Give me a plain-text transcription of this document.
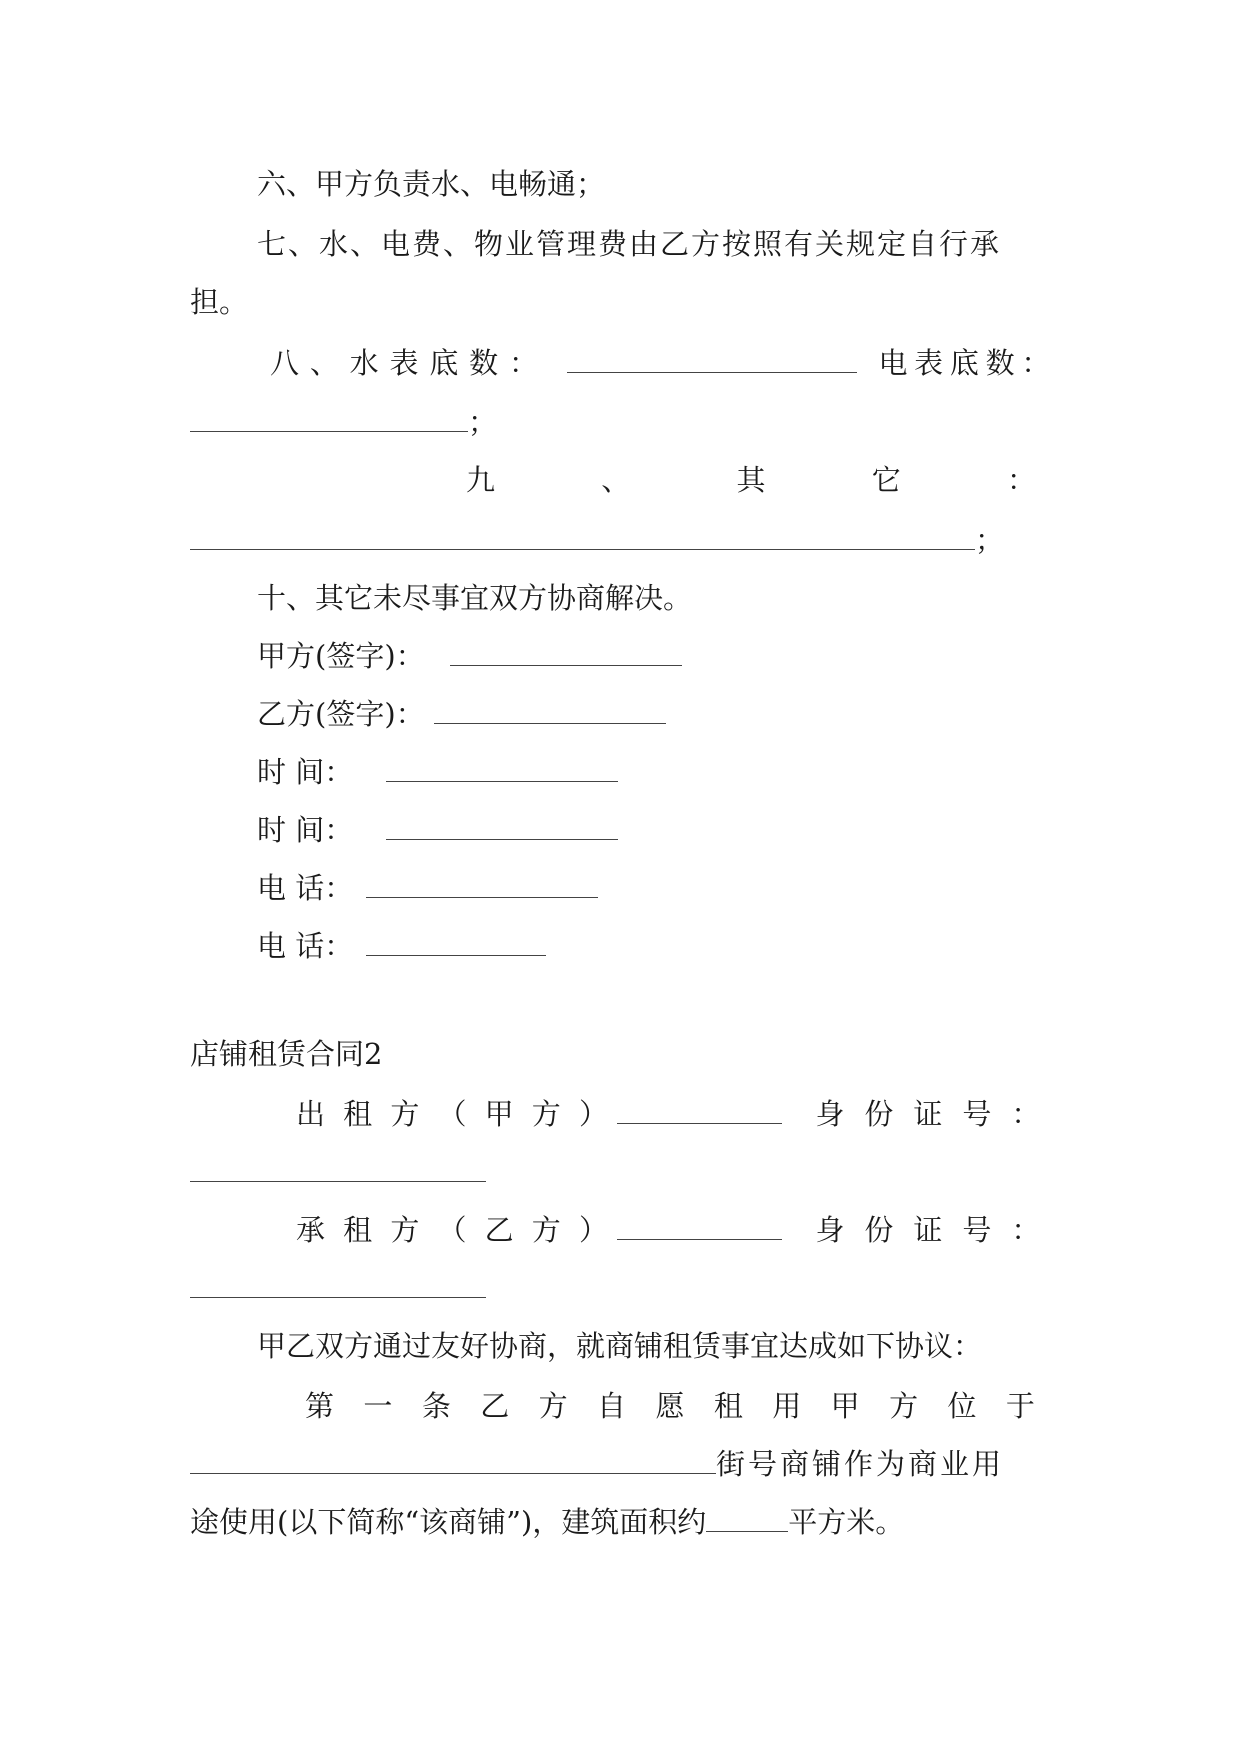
六、甲方负责水、电畅通；
七、水、电费、物业管理费由乙方按照有关规定自行承
担。
八 、 水 表 底 数 ：
	电 表 底 数 ：
；
九	、	其	它	：
；
十、其它未尽事宜双方协商解决。
甲方(签字)：
乙方(签字)：
时 间：
时 间：
电 话：
电 话：
店铺租赁合同2
出 租 方 （ 甲 方 ）
	身 份 证 号 ：
承 租 方 （ 乙 方 ）
	身 份 证 号 ：
甲乙双方通过友好协商，就商铺租赁事宜达成如下协议：
第 一 条 乙 方 自 愿 租 用 甲 方 位 于
街号商铺作为商业用
途使用(以下简称“该商铺”)，建筑面积约	平方米。
